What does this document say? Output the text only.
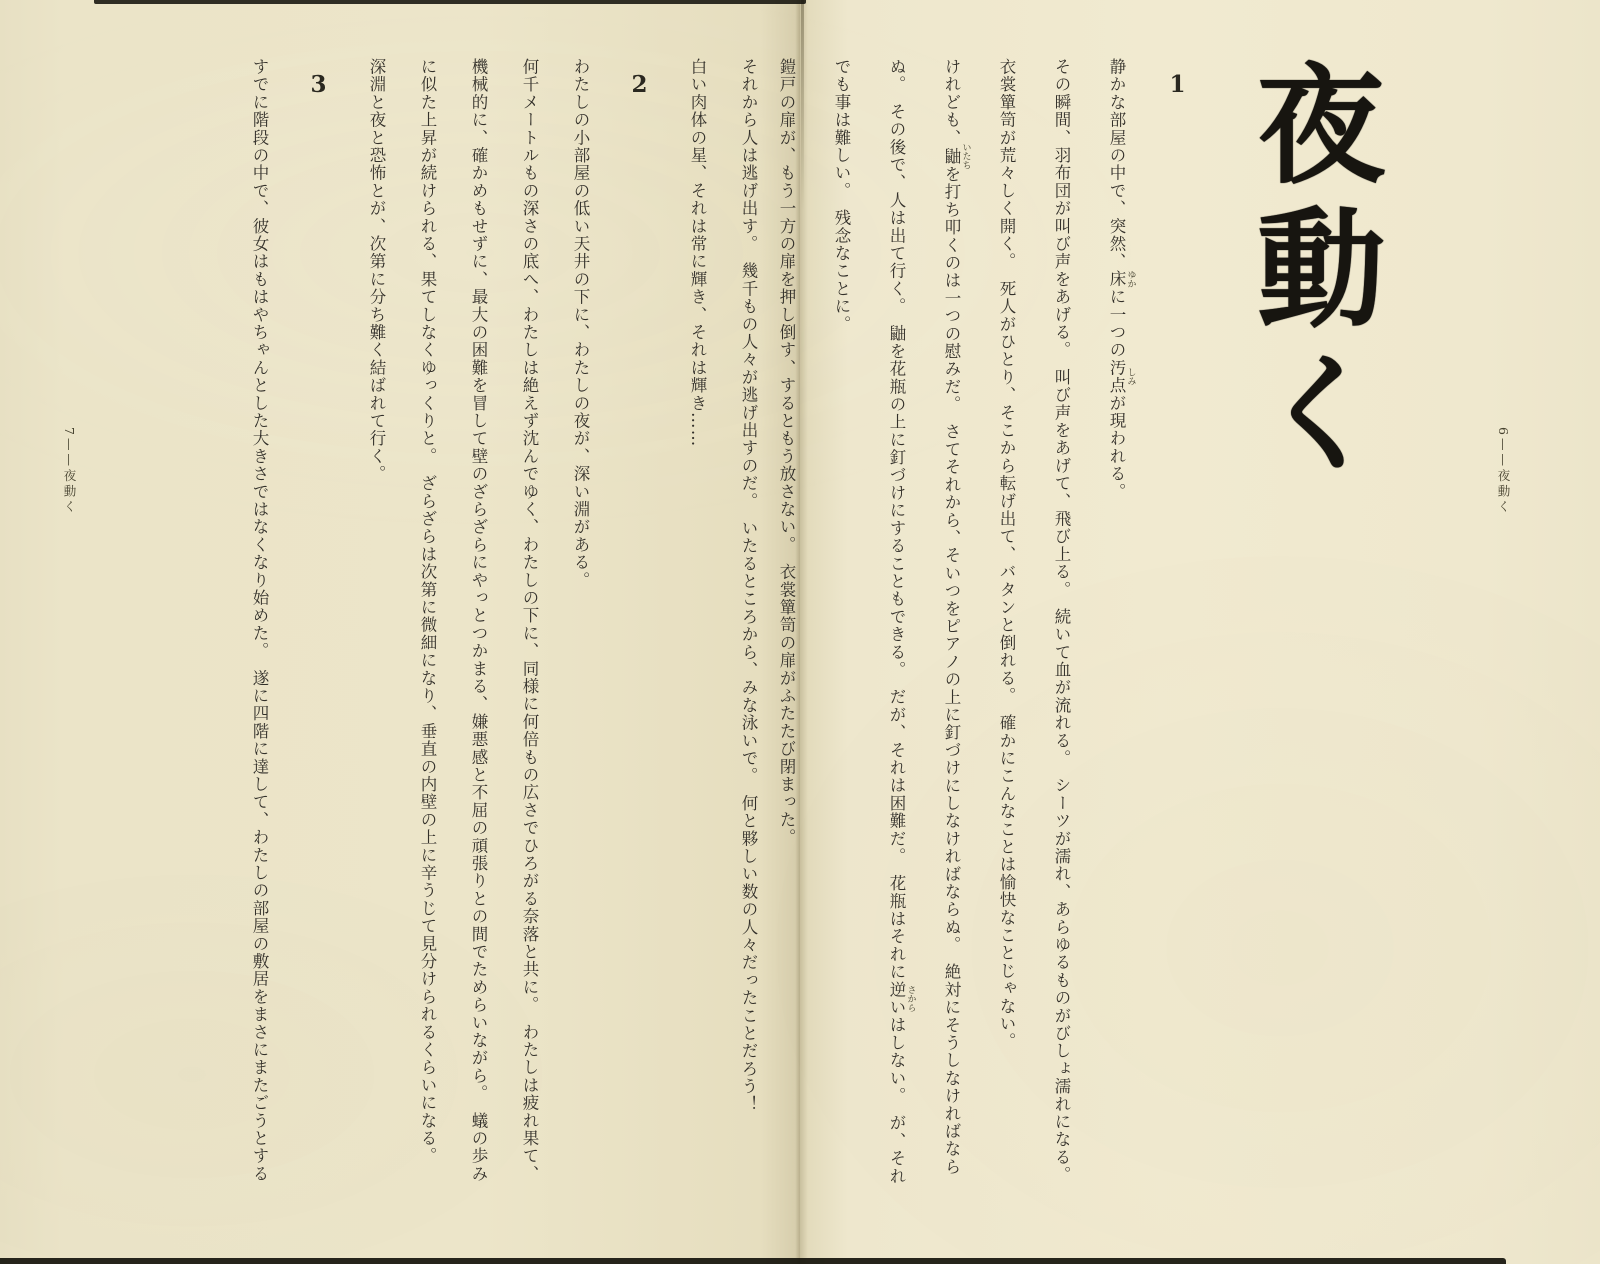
夜動く
1

静かな部屋の中で、突然、床 ゆかに一つの汚点 しみが現われる。

その瞬間、羽布団が叫び声をあげる。　叫び声をあげて、飛び上る。　続いて血が流れる。　シーツが濡れ、あらゆるものがびしょ濡れになる。

衣裳簞笥が荒々しく開く。　死人がひとり、そこから転げ出て、バタンと倒れる。　確かにこんなことは愉快なことじゃない。

けれども、鼬 いたちを打ち叩くのは一つの慰みだ。　さてそれから、そいつをピアノの上に釘づけにしなければならぬ。　絶対にそうしなければなら

ぬ。　その後で、人は出て行く。　鼬を花瓶の上に釘づけにすることもできる。　だが、それは困難だ。　花瓶はそれに逆い さからはしない。　が、それ

でも事は難しい。　残念なことに。

鎧戸の扉が、もう一方の扉を押し倒す、するともう放さない。　衣裳簞笥の扉がふたたび閉まった。

それから人は逃げ出す。　幾千もの人々が逃げ出すのだ。　いたるところから、みな泳いで。　何と夥しい数の人々だったことだろう！

白い肉体の星、それは常に輝き、それは輝き……

2

わたしの小部屋の低い天井の下に、わたしの夜が、深い淵がある。

何千メートルもの深さの底へ、わたしは絶えず沈んでゆく、わたしの下に、同様に何倍もの広さでひろがる奈落と共に。　わたしは疲れ果て、

機械的に、確かめもせずに、最大の困難を冒して壁のざらざらにやっとつかまる、嫌悪感と不屈の頑張りとの間でためらいながら。　蟻の歩み

に似た上昇が続けられる、果てしなくゆっくりと。　ざらざらは次第に微細になり、垂直の内壁の上に辛うじて見分けられるくらいになる。

深淵と夜と恐怖とが、次第に分ち難く結ばれて行く。

3

すでに階段の中で、彼女はもはやちゃんとした大きさではなくなり始めた。　遂に四階に達して、わたしの部屋の敷居をまさにまたごうとする	6——夜動く
7——夜動く
